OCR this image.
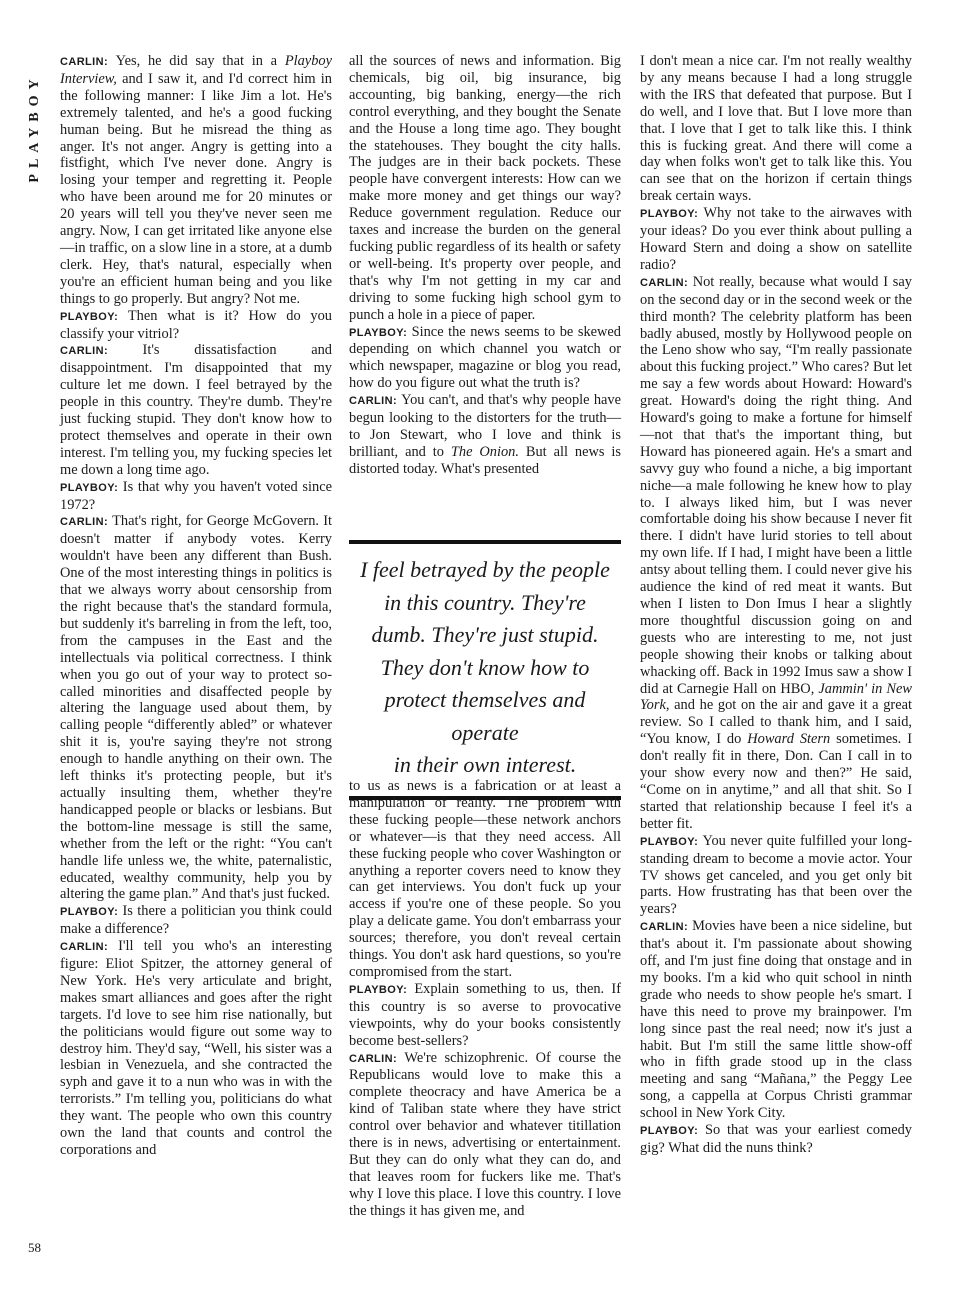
PLAYBOY
58

CARLIN: Yes, he did say that in a Playboy Interview, and I saw it, and I'd correct him in the following manner: I like Jim a lot. He's extremely talented, and he's a good fucking human being. But he misread the thing as anger. It's not anger. Angry is getting into a fistfight, which I've never done. Angry is losing your temper and regretting it. People who have been around me for 20 minutes or 20 years will tell you they've never seen me angry. Now, I can get irritated like anyone else—in traffic, on a slow line in a store, at a dumb clerk. Hey, that's natural, especially when you're an efficient human being and you like things to go properly. But angry? Not me.

PLAYBOY: Then what is it? How do you classify your vitriol?

CARLIN: It's dissatisfaction and disappointment. I'm disappointed that my culture let me down. I feel betrayed by the people in this country. They're dumb. They're just fucking stupid. They don't know how to protect themselves and operate in their own interest. I'm telling you, my fucking species let me down a long time ago.

PLAYBOY: Is that why you haven't voted since 1972?

CARLIN: That's right, for George McGovern. It doesn't matter if anybody votes. Kerry wouldn't have been any different than Bush. One of the most interesting things in politics is that we always worry about censorship from the right because that's the standard formula, but suddenly it's barreling in from the left, too, from the campuses in the East and the intellectuals via political correctness. I think when you go out of your way to protect so-called minorities and disaffected people by altering the language used about them, by calling people “differently abled” or whatever shit it is, you're saying they're not strong enough to handle anything on their own. The left thinks it's protecting people, but it's actually insulting them, whether they're handicapped people or blacks or lesbians. But the bottom-line message is still the same, whether from the left or the right: “You can't handle life unless we, the white, paternalistic, educated, wealthy community, help you by altering the game plan.” And that's just fucked.

PLAYBOY: Is there a politician you think could make a difference?

CARLIN: I'll tell you who's an interesting figure: Eliot Spitzer, the attorney general of New York. He's very articulate and bright, makes smart alliances and goes after the right targets. I'd love to see him rise nationally, but the politicians would figure out some way to destroy him. They'd say, “Well, his sister was a lesbian in Venezuela, and she contracted the syph and gave it to a nun who was in with the terrorists.” I'm telling you, politicians do what they want. The people who own this country own the land that counts and control the corporations and

all the sources of news and information. Big chemicals, big oil, big insurance, big accounting, big banking, energy—the rich control everything, and they bought the Senate and the House a long time ago. They bought the statehouses. They bought the city halls. The judges are in their back pockets. These people have convergent interests: How can we make more money and get things our way? Reduce government regulation. Reduce our taxes and increase the burden on the general fucking public regardless of its health or safety or well-being. It's property over people, and that's why I'm not getting in my car and driving to some fucking high school gym to punch a hole in a piece of paper.

PLAYBOY: Since the news seems to be skewed depending on which channel you watch or which newspaper, magazine or blog you read, how do you figure out what the truth is?

CARLIN: You can't, and that's why people have begun looking to the distorters for the truth—to Jon Stewart, who I love and think is brilliant, and to The Onion. But all news is distorted today. What's presented

I feel betrayed by the people
in this country. They're
dumb. They're just stupid.
They don't know how to
protect themselves and operate
in their own interest.

to us as news is a fabrication or at least a manipulation of reality. The problem with these fucking people—these network anchors or whatever—is that they need access. All these fucking people who cover Washington or anything a reporter covers need to know they can get interviews. You don't fuck up your access if you're one of these people. So you play a delicate game. You don't embarrass your sources; therefore, you don't reveal certain things. You don't ask hard questions, so you're compromised from the start.

PLAYBOY: Explain something to us, then. If this country is so averse to provocative viewpoints, why do your books consistently become best-sellers?

CARLIN: We're schizophrenic. Of course the Republicans would love to make this a complete theocracy and have America be a kind of Taliban state where they have strict control over behavior and whatever titillation there is in news, advertising or entertainment. But they can do only what they can do, and that leaves room for fuckers like me. That's why I love this place. I love this country. I love the things it has given me, and

I don't mean a nice car. I'm not really wealthy by any means because I had a long struggle with the IRS that defeated that purpose. But I do well, and I love that. But I love more than that. I love that I get to talk like this. I think this is fucking great. And there will come a day when folks won't get to talk like this. You can see that on the horizon if certain things break certain ways.

PLAYBOY: Why not take to the airwaves with your ideas? Do you ever think about pulling a Howard Stern and doing a show on satellite radio?

CARLIN: Not really, because what would I say on the second day or in the second week or the third month? The celebrity platform has been badly abused, mostly by Hollywood people on the Leno show who say, “I'm really passionate about this fucking project.” Who cares? But let me say a few words about Howard: Howard's great. Howard's doing the right thing. And Howard's going to make a fortune for himself—not that that's the important thing, but Howard has pioneered again. He's a smart and savvy guy who found a niche, a big important niche—a male following he knew how to play to. I always liked him, but I was never comfortable doing his show because I never fit there. I didn't have lurid stories to tell about my own life. If I had, I might have been a little antsy about telling them. I could never give his audience the kind of red meat it wants. But when I listen to Don Imus I hear a slightly more thoughtful discussion going on and guests who are interesting to me, not just people showing their knobs or talking about whacking off. Back in 1992 Imus saw a show I did at Carnegie Hall on HBO, Jammin' in New York, and he got on the air and gave it a great review. So I called to thank him, and I said, “You know, I do Howard Stern sometimes. I don't really fit in there, Don. Can I call in to your show every now and then?” He said, “Come on in anytime,” and all that shit. So I started that relationship because I feel it's a better fit.

PLAYBOY: You never quite fulfilled your long-standing dream to become a movie actor. Your TV shows get canceled, and you get only bit parts. How frustrating has that been over the years?

CARLIN: Movies have been a nice sideline, but that's about it. I'm passionate about showing off, and I'm just fine doing that onstage and in my books. I'm a kid who quit school in ninth grade who needs to show people he's smart. I have this need to prove my brainpower. I'm long since past the real need; now it's just a habit. But I'm still the same little show-off who in fifth grade stood up in the class meeting and sang “Mañana,” the Peggy Lee song, a cappella at Corpus Christi grammar school in New York City.

PLAYBOY: So that was your earliest comedy gig? What did the nuns think?
